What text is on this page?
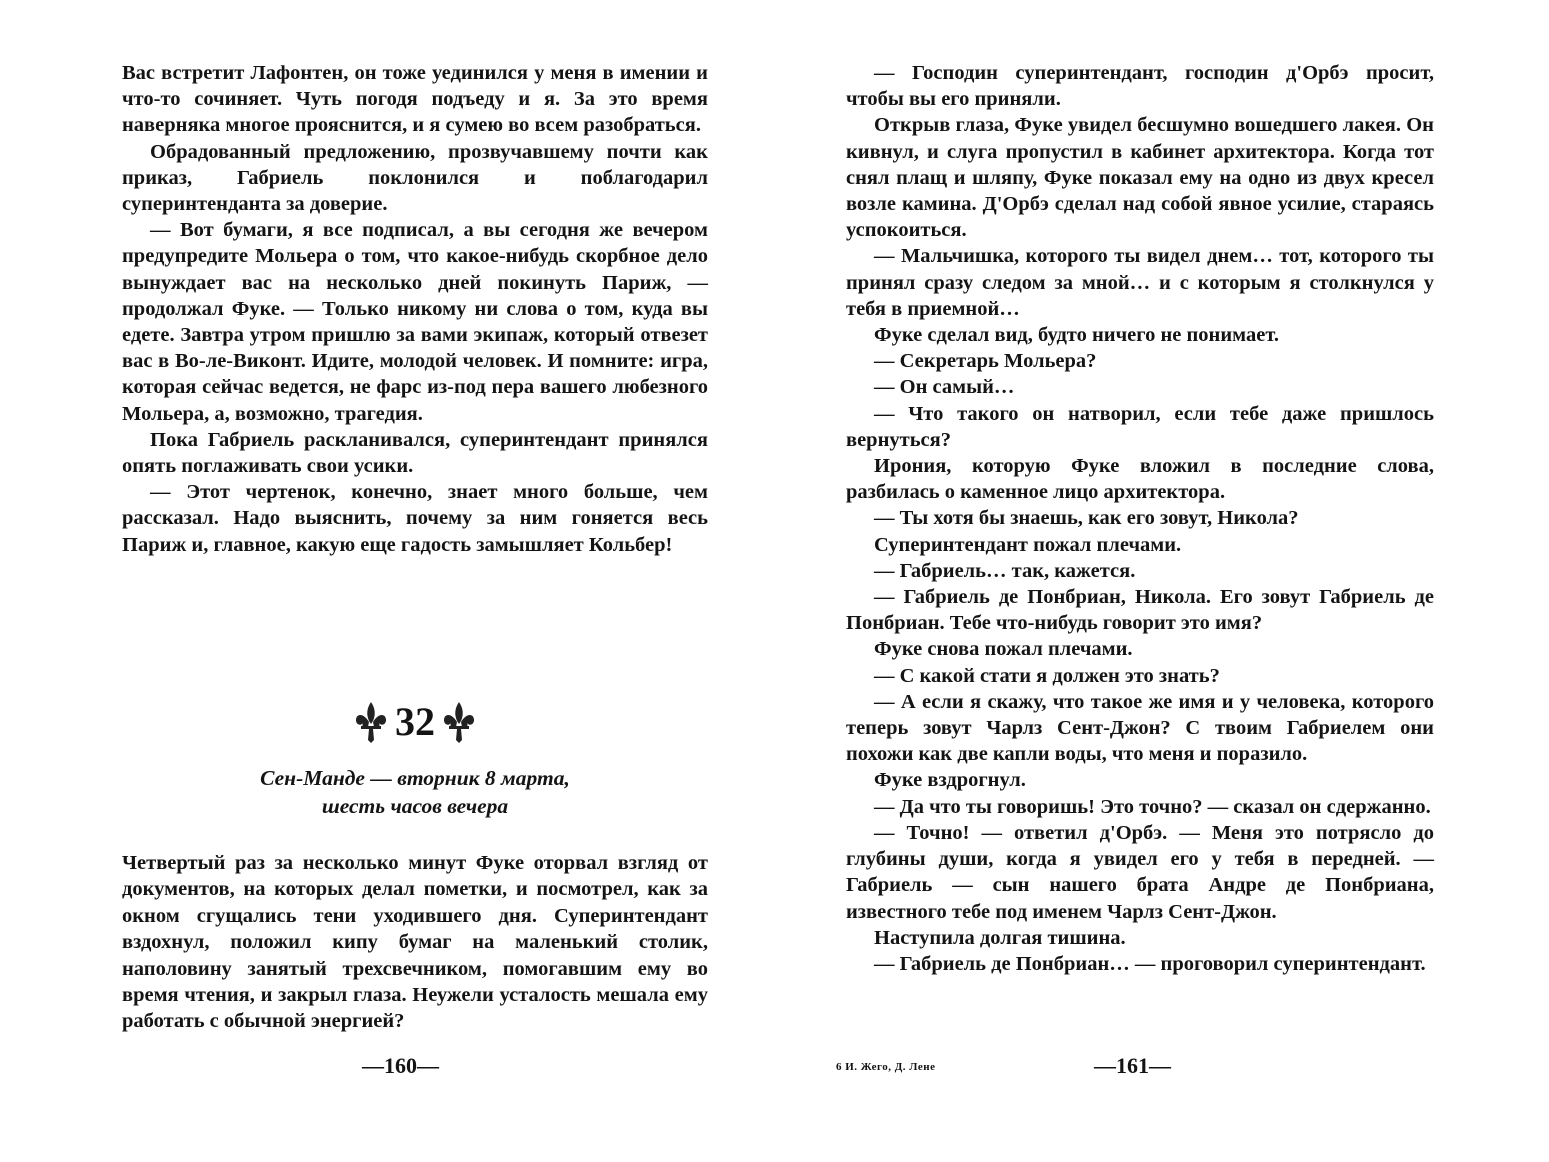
Вас встретит Лафонтен, он тоже уединился у меня в имении и что-то сочиняет. Чуть погодя подъеду и я. За это время наверняка многое прояснится, и я сумею во всем разобраться.

Обрадованный предложению, прозвучавшему почти как приказ, Габриель поклонился и поблагодарил суперинтенданта за доверие.

— Вот бумаги, я все подписал, а вы сегодня же вечером предупредите Мольера о том, что какое-нибудь скорбное дело вынуждает вас на несколько дней покинуть Париж, — продолжал Фуке. — Только никому ни слова о том, куда вы едете. Завтра утром пришлю за вами экипаж, который отвезет вас в Во-ле-Виконт. Идите, молодой человек. И помните: игра, которая сейчас ведется, не фарс из-под пера вашего любезного Мольера, а, возможно, трагедия.

Пока Габриель раскланивался, суперинтендант принялся опять поглаживать свои усики.

— Этот чертенок, конечно, знает много больше, чем рассказал. Надо выяснить, почему за ним гоняется весь Париж и, главное, какую еще гадость замышляет Кольбер!

32
Сен-Манде — вторник 8 марта,
шесть часов вечера

Четвертый раз за несколько минут Фуке оторвал взгляд от документов, на которых делал пометки, и посмотрел, как за окном сгущались тени уходившего дня. Суперинтендант вздохнул, положил кипу бумаг на маленький столик, наполовину занятый трехсвечником, помогавшим ему во время чтения, и закрыл глаза. Неужели усталость мешала ему работать с обычной энергией?

—160—

— Господин суперинтендант, господин д'Орбэ просит, чтобы вы его приняли.

Открыв глаза, Фуке увидел бесшумно вошедшего лакея. Он кивнул, и слуга пропустил в кабинет архитектора. Когда тот снял плащ и шляпу, Фуке показал ему на одно из двух кресел возле камина. Д'Орбэ сделал над собой явное усилие, стараясь успокоиться.

— Мальчишка, которого ты видел днем… тот, которого ты принял сразу следом за мной… и с которым я столкнулся у тебя в приемной…

Фуке сделал вид, будто ничего не понимает.

— Секретарь Мольера?

— Он самый…

— Что такого он натворил, если тебе даже пришлось вернуться?

Ирония, которую Фуке вложил в последние слова, разбилась о каменное лицо архитектора.

— Ты хотя бы знаешь, как его зовут, Никола?

Суперинтендант пожал плечами.

— Габриель… так, кажется.

— Габриель де Понбриан, Никола. Его зовут Габриель де Понбриан. Тебе что-нибудь говорит это имя?

Фуке снова пожал плечами.

— С какой стати я должен это знать?

— А если я скажу, что такое же имя и у человека, которого теперь зовут Чарлз Сент-Джон? С твоим Габриелем они похожи как две капли воды, что меня и поразило.

Фуке вздрогнул.

— Да что ты говоришь! Это точно? — сказал он сдержанно.

— Точно! — ответил д'Орбэ. — Меня это потрясло до глубины души, когда я увидел его у тебя в передней. — Габриель — сын нашего брата Андре де Понбриана, известного тебе под именем Чарлз Сент-Джон.

Наступила долгая тишина.

— Габриель де Понбриан… — проговорил суперинтендант.

6 И. Жего, Д. Лене	—161—
